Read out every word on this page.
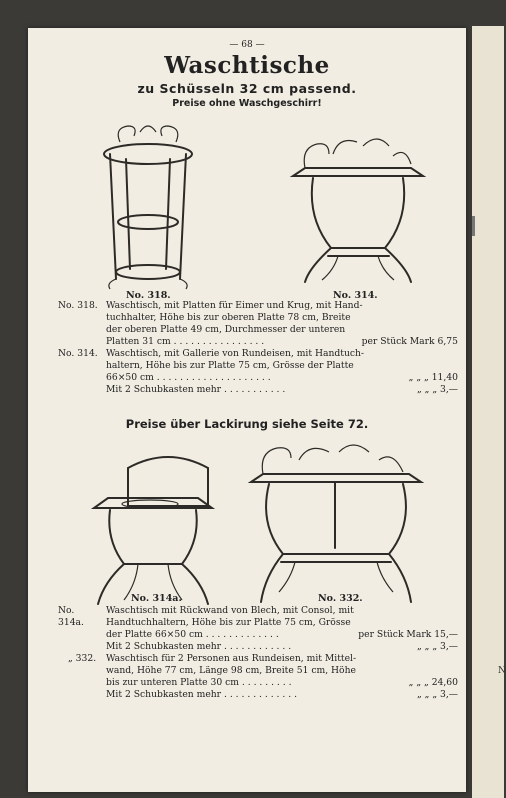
N
— 68 —
Waschtische
zu Schüsseln 32 cm passend.
Preise ohne Waschgeschirr!
No. 318.	No. 314.
No. 318. Waschtisch, mit Platten für Eimer und Krug, mit Hand-
tuchhalter, Höhe bis zur oberen Platte 78 cm, Breite
der oberen Platte 49 cm, Durchmesser der unteren
Platten 31 cm . . . . . . . . . . . . . . . .	per Stück Mark 6,75
No. 314. Waschtisch, mit Gallerie von Rundeisen, mit Handtuch-
haltern, Höhe bis zur Platte 75 cm, Grösse der Platte
66×50 cm . . . . . . . . . . . . . . . . . . . .	„ „ „ 11,40
Mit 2 Schubkasten mehr . . . . . . . . . . .	„ „ „ 3,—
Preise über Lackirung siehe Seite 72.
No. 314a.	No. 332.
No. 314a.
Waschtisch mit Rückwand von Blech, mit Consol, mit
Handtuchhaltern, Höhe bis zur Platte 75 cm, Grösse
der Platte 66×50 cm . . . . . . . . . . . . .	per Stück Mark 15,—
Mit 2 Schubkasten mehr . . . . . . . . . . . .	„ „ „ 3,—
„ 332.	Waschtisch für 2 Personen aus Rundeisen, mit Mittel-
wand, Höhe 77 cm, Länge 98 cm, Breite 51 cm, Höhe
bis zur unteren Platte 30 cm . . . . . . . . .	„ „ „ 24,60
Mit 2 Schubkasten mehr . . . . . . . . . . . . .	„ „ „ 3,—
